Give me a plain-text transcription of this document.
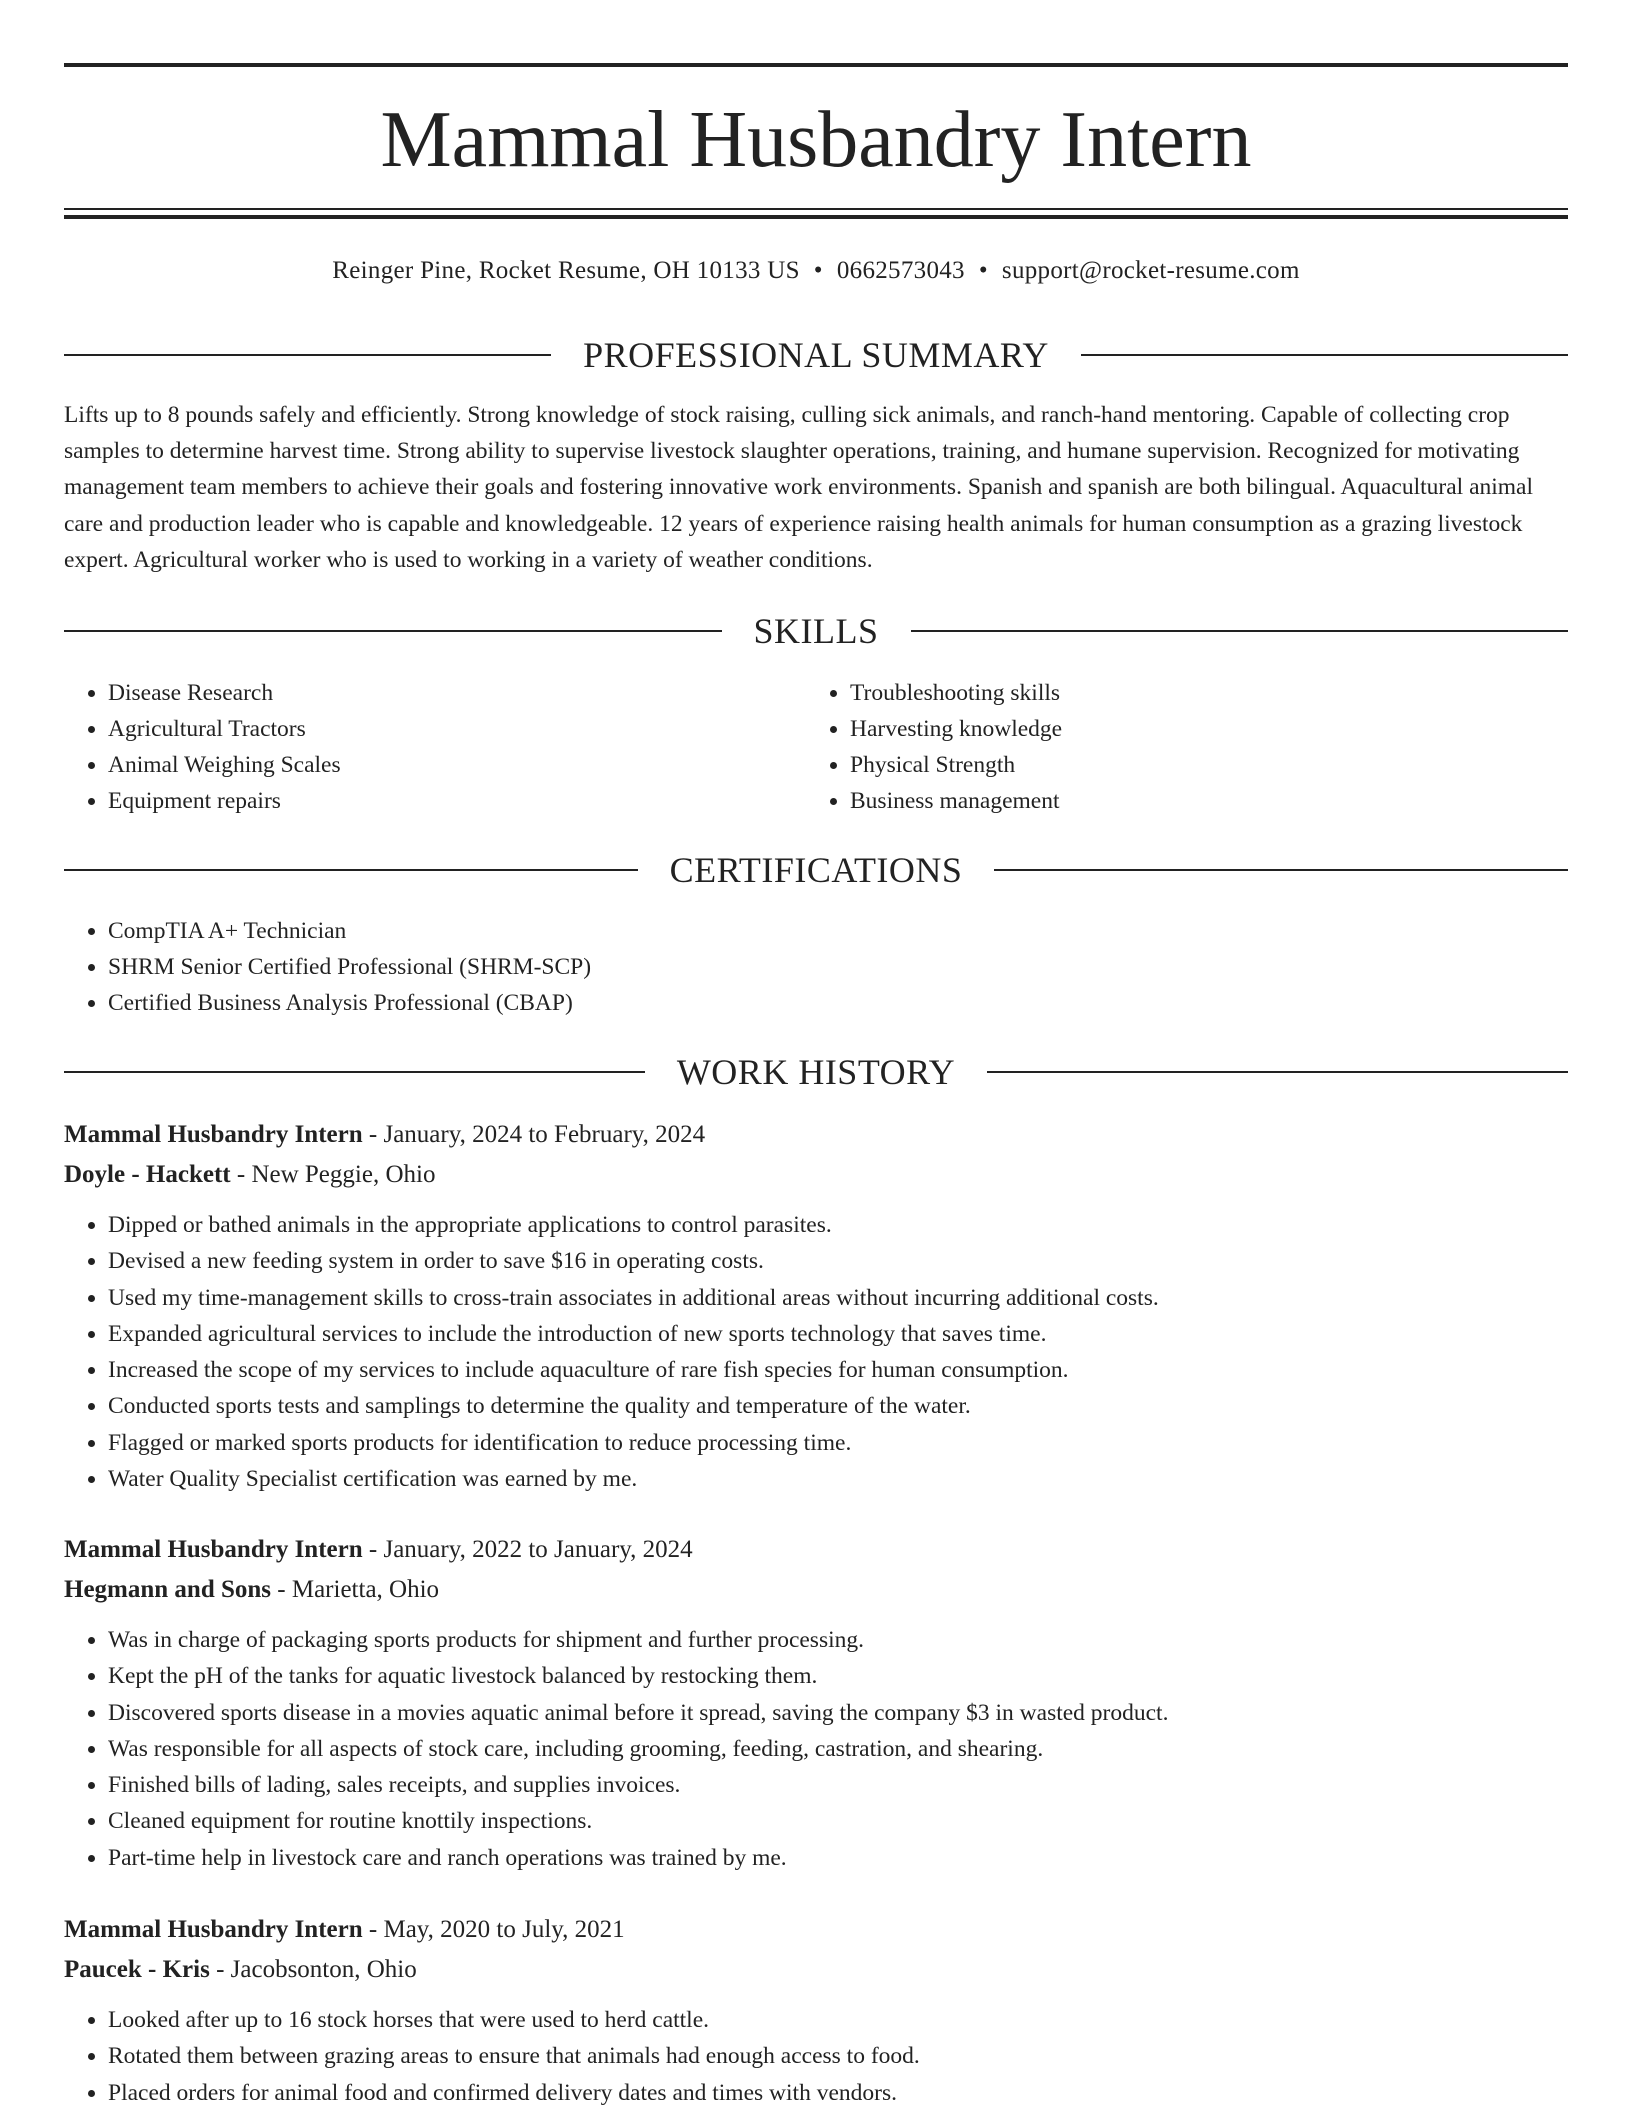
Mammal Husbandry Intern
Reinger Pine, Rocket Resume, OH 10133 US • 0662573043 • support@rocket-resume.com
PROFESSIONAL SUMMARY

Lifts up to 8 pounds safely and efficiently. Strong knowledge of stock raising, culling sick animals, and ranch-hand mentoring. Capable of collecting crop samples to determine harvest time. Strong ability to supervise livestock slaughter operations, training, and humane supervision. Recognized for motivating management team members to achieve their goals and fostering innovative work environments. Spanish and spanish are both bilingual. Aquacultural animal care and production leader who is capable and knowledgeable. 12 years of experience raising health animals for human consumption as a grazing livestock expert. Agricultural worker who is used to working in a variety of weather conditions.

SKILLS
• Disease Research
• Agricultural Tractors
• Animal Weighing Scales
• Equipment repairs
• Troubleshooting skills
• Harvesting knowledge
• Physical Strength
• Business management
CERTIFICATIONS
• CompTIA A+ Technician
• SHRM Senior Certified Professional (SHRM-SCP)
• Certified Business Analysis Professional (CBAP)
WORK HISTORY
Mammal Husbandry Intern - January, 2024 to February, 2024
Doyle - Hackett - New Peggie, Ohio
• Dipped or bathed animals in the appropriate applications to control parasites.
• Devised a new feeding system in order to save $16 in operating costs.
• Used my time-management skills to cross-train associates in additional areas without incurring additional costs.
• Expanded agricultural services to include the introduction of new sports technology that saves time.
• Increased the scope of my services to include aquaculture of rare fish species for human consumption.
• Conducted sports tests and samplings to determine the quality and temperature of the water.
• Flagged or marked sports products for identification to reduce processing time.
• Water Quality Specialist certification was earned by me.
Mammal Husbandry Intern - January, 2022 to January, 2024
Hegmann and Sons - Marietta, Ohio
• Was in charge of packaging sports products for shipment and further processing.
• Kept the pH of the tanks for aquatic livestock balanced by restocking them.
• Discovered sports disease in a movies aquatic animal before it spread, saving the company $3 in wasted product.
• Was responsible for all aspects of stock care, including grooming, feeding, castration, and shearing.
• Finished bills of lading, sales receipts, and supplies invoices.
• Cleaned equipment for routine knottily inspections.
• Part-time help in livestock care and ranch operations was trained by me.
Mammal Husbandry Intern - May, 2020 to July, 2021
Paucek - Kris - Jacobsonton, Ohio
• Looked after up to 16 stock horses that were used to herd cattle.
• Rotated them between grazing areas to ensure that animals had enough access to food.
• Placed orders for animal food and confirmed delivery dates and times with vendors.
